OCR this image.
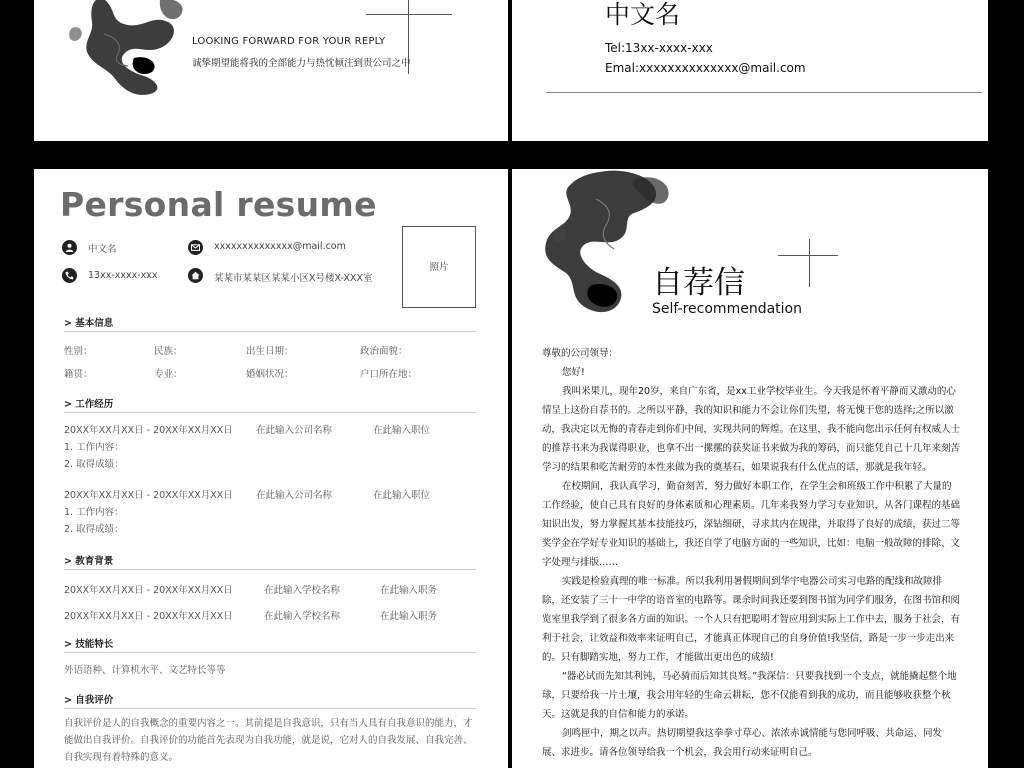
LOOKING FORWARD FOR YOUR REPLY
诚挚期望能将我的全部能力与热忱倾注到贵公司之中
中文名
Tel:13xx-xxxx-xxx
Emal:xxxxxxxxxxxxxx@mail.com
Personal resume
中文名	xxxxxxxxxxxxxx@mail.com
13xx-xxxx-xxx	某某市某某区某某小区X号楼X-XXX室
照片
> 基本信息
性别：	民族：	出生日期：	政治面貌：
籍贯：	专业：	婚姻状况：	户口所在地：
> 工作经历
20XX年XX月XX日 - 20XX年XX月XX日 在此输入公司名称	在此输入职位
1. 工作内容：
2. 取得成绩：
20XX年XX月XX日 - 20XX年XX月XX日 在此输入公司名称	在此输入职位
1. 工作内容：
2. 取得成绩：
> 教育背景
20XX年XX月XX日 - 20XX年XX月XX日	在此输入学校名称	在此输入职务
20XX年XX月XX日 - 20XX年XX月XX日	在此输入学校名称	在此输入职务
> 技能特长
外语语种、计算机水平、文艺特长等等
> 自我评价
自我评价是人的自我概念的重要内容之一。其前提是自我意识，只有当人具有自我意识的能力，才能做出自我评价。自我评价的功能首先表现为自我功能，就是说，它对人的自我发展、自我完善、自我实现有着特殊的意义。
自荐信
Self-recommendation

尊敬的公司领导：

您好!

我叫米果儿，现年20岁，来自广东省，是xx工业学校毕业生。今天我是怀着平静而又激动的心情呈上这份自荐书的。之所以平静，我的知识和能力不会让你们失望，将无愧于您的选择;之所以激动，我决定以无悔的青春走到你们中间，实现共同的辉煌。在这里，我不能向您出示任何有权威人士的推荐书来为我谋得职业，也拿不出一摞摞的获奖证书来做为我的筹码，而只能凭自己十几年来刻苦学习的结果和吃苦耐劳的本性来做为我的奠基石，如果说我有什么优点的话，那就是我年轻。

在校期间，我认真学习，勤奋刻苦，努力做好本职工作，在学生会和班级工作中积累了大量的工作经验，使自己具有良好的身体素质和心理素质。几年来我努力学习专业知识，从各门课程的基础知识出发，努力掌握其基本技能技巧，深钻细研，寻求其内在规律，并取得了良好的成绩，获过二等奖学金在学好专业知识的基础上，我还自学了电脑方面的一些知识，比如：电脑一般故障的排除、文字处理与排版……

实践是检验真理的唯一标准。所以我利用暑假期间到华宇电器公司实习电路的配线和故障排除，还安装了三十一中学的语音室的电路等。课余时间我还要到图书馆为同学们服务，在图书馆和阅览室里我学到了很多各方面的知识。一个人只有把聪明才智应用到实际上工作中去，服务于社会，有利于社会，让效益和效率来证明自己，才能真正体现自己的自身价值!我坚信，路是一步一步走出来的。只有脚踏实地，努力工作，才能做出更出色的成绩!

“器必试而先知其利钝，马必骑而后知其良驽。”我深信：只要我找到一个支点，就能撬起整个地球，只要给我一片土壤，我会用年轻的生命云耕耘，您不仅能看到我的成功，而且能够收获整个秋天。这就是我的自信和能力的承诺。

剑鸣匣中，期之以声。热切期望我这拳拳寸草心、浓浓赤诚情能与您同呼吸、共命运、同发展、求进步。请各位领导给我一个机会，我会用行动来证明自己。
